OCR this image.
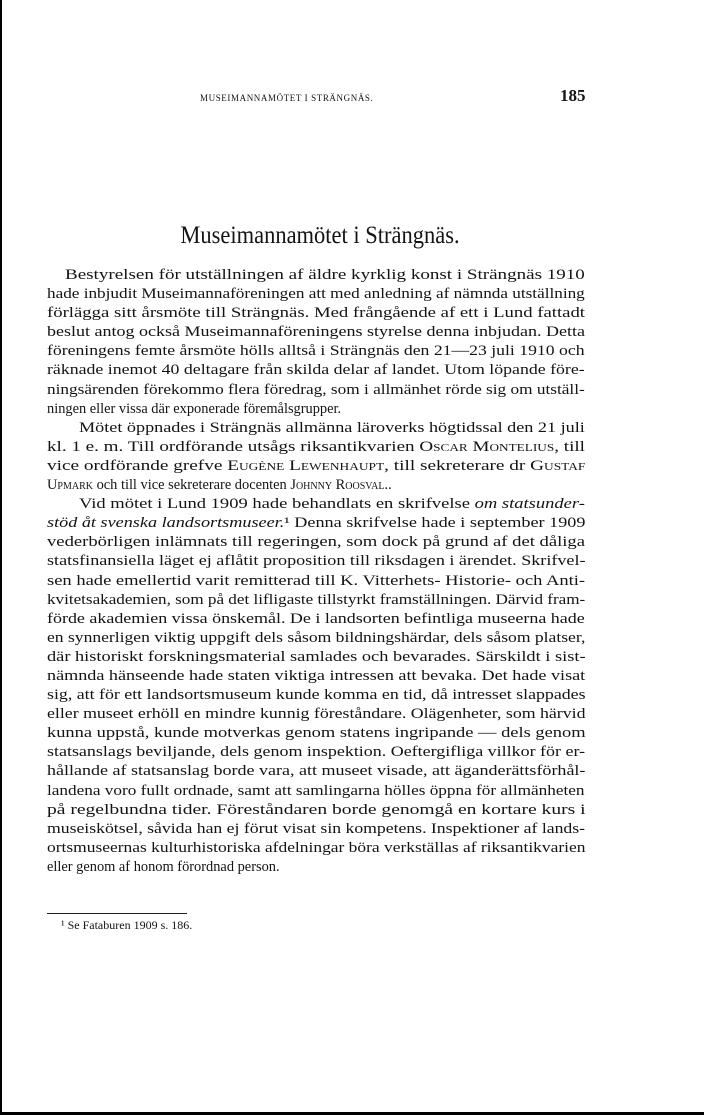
MUSEIMANNAMÖTET I STRÄNGNÄS.	185
Museimannamötet i Strängnäs.
Bestyrelsen för utställningen af äldre kyrklig konst i Strängnäs 1910
hade inbjudit Museimannaföreningen att med anledning af nämnda utställning
förlägga sitt årsmöte till Strängnäs. Med frångående af ett i Lund fattadt
beslut antog också Museimannaföreningens styrelse denna inbjudan. Detta
föreningens femte årsmöte hölls alltså i Strängnäs den 21—23 juli 1910 och
räknade inemot 40 deltagare från skilda delar af landet. Utom löpande före-
ningsärenden förekommo flera föredrag, som i allmänhet rörde sig om utställ-
ningen eller vissa där exponerade föremålsgrupper.
Mötet öppnades i Strängnäs allmänna läroverks högtidssal den 21 juli
kl. 1 e. m. Till ordförande utsågs riksantikvarien Oscar Montelius, till
vice ordförande grefve Eugène Lewenhaupt, till sekreterare dr Gustaf
Upmark och till vice sekreterare docenten Johnny Roosval..
Vid mötet i Lund 1909 hade behandlats en skrifvelse om statsunder-
stöd åt svenska landsortsmuseer.¹ Denna skrifvelse hade i september 1909
vederbörligen inlämnats till regeringen, som dock på grund af det dåliga
statsfinansiella läget ej aflåtit proposition till riksdagen i ärendet. Skrifvel-
sen hade emellertid varit remitterad till K. Vitterhets- Historie- och Anti-
kvitetsakademien, som på det lifligaste tillstyrkt framställningen. Därvid fram-
förde akademien vissa önskemål. De i landsorten befintliga museerna hade
en synnerligen viktig uppgift dels såsom bildningshärdar, dels såsom platser,
där historiskt forskningsmaterial samlades och bevarades. Särskildt i sist-
nämnda hänseende hade staten viktiga intressen att bevaka. Det hade visat
sig, att för ett landsortsmuseum kunde komma en tid, då intresset slappades
eller museet erhöll en mindre kunnig föreståndare. Olägenheter, som härvid
kunna uppstå, kunde motverkas genom statens ingripande — dels genom
statsanslags beviljande, dels genom inspektion. Oeftergifliga villkor för er-
hållande af statsanslag borde vara, att museet visade, att äganderättsförhål-
landena voro fullt ordnade, samt att samlingarna hölles öppna för allmänheten
på regelbundna tider. Föreståndaren borde genomgå en kortare kurs i
museiskötsel, såvida han ej förut visat sin kompetens. Inspektioner af lands-
ortsmuseernas kulturhistoriska afdelningar böra verkställas af riksantikvarien
eller genom af honom förordnad person.
¹ Se Fataburen 1909 s. 186.
